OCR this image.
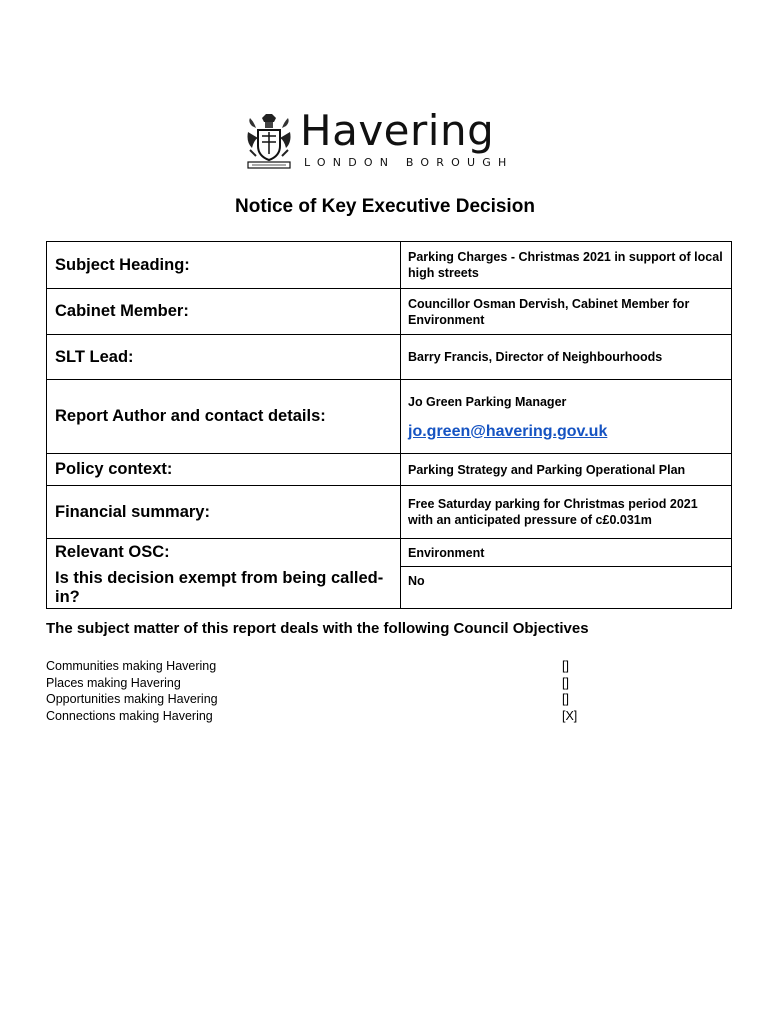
Havering
LONDON BOROUGH
Notice of Key Executive Decision
Subject Heading:	Parking Charges - Christmas 2021 in support of local high streets
Cabinet Member:	Councillor Osman Dervish, Cabinet Member for Environment
SLT Lead:	Barry Francis, Director of Neighbourhoods
Report Author and contact details:	Jo Green Parking Manager
jo.green@havering.gov.uk
Policy context:	Parking Strategy and Parking Operational Plan
Financial summary:	Free Saturday parking for Christmas period 2021 with an anticipated pressure of c£0.031m
Relevant OSC:	Environment
Is this decision exempt from being called-in?	No
The subject matter of this report deals with the following Council Objectives
Communities making Havering	[]
Places making Havering	[]
Opportunities making Havering	[]
Connections making Havering	[X]
